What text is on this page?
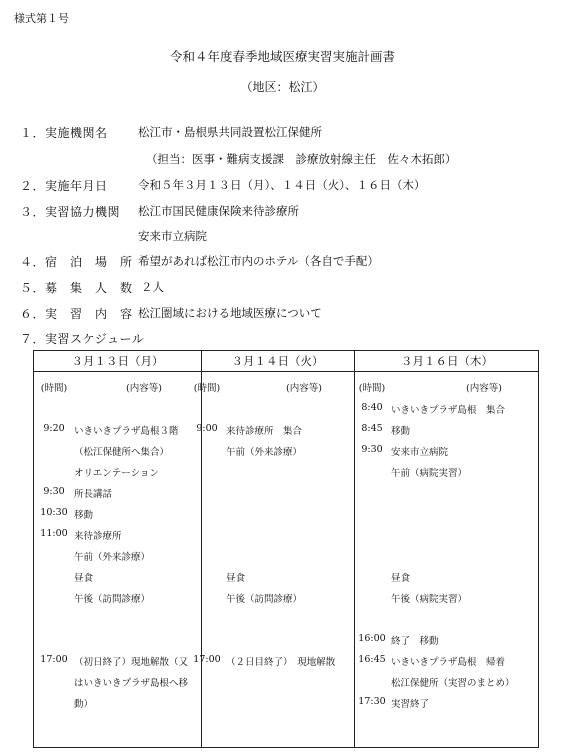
様式第１号
令和４年度春季地域医療実習実施計画書
（地区：松江）
１．実施機関名	松江市・島根県共同設置松江保健所
（担当：医事・難病支援課　診療放射線主任　佐々木拓郎）
２．実施年月日	令和５年３月１３日（月）、１４日（火）、１６日（木）
３．実習協力機関 松江市国民健康保険来待診療所
安来市立病院
４．宿　泊　場　所 希望があれば松江市内のホテル（各自で手配）
５．募　集　人　数 ２人
６．実　習　内　容 松江圏域における地域医療について
７．実習スケジュール
３月１３日（月）
(時間)	(内容等)
9:20 いきいきプラザ島根３階
（松江保健所へ集合）
オリエンテーション
9:30 所長講話
10:30 移動
11:00 来待診療所
午前（外来診療）
昼食
午後（訪問診療）
17:00 （初日終了）現地解散（又
はいきいきプラザ島根へ移
動）
３月１４日（火）
(時間)	(内容等)
9:00 来待診療所　集合
午前（外来診療）
昼食
午後（訪問診療）
17:00 （２日目終了）　現地解散
３月１６日（木）
(時間)	(内容等)
8:40 いきいきプラザ島根　集合
8:45 移動
9:30 安来市立病院
午前（病院実習）
昼食
午後（病院実習）
16:00 終了　移動
16:45 いきいきプラザ島根　帰着
松江保健所（実習のまとめ）
17:30 実習終了
